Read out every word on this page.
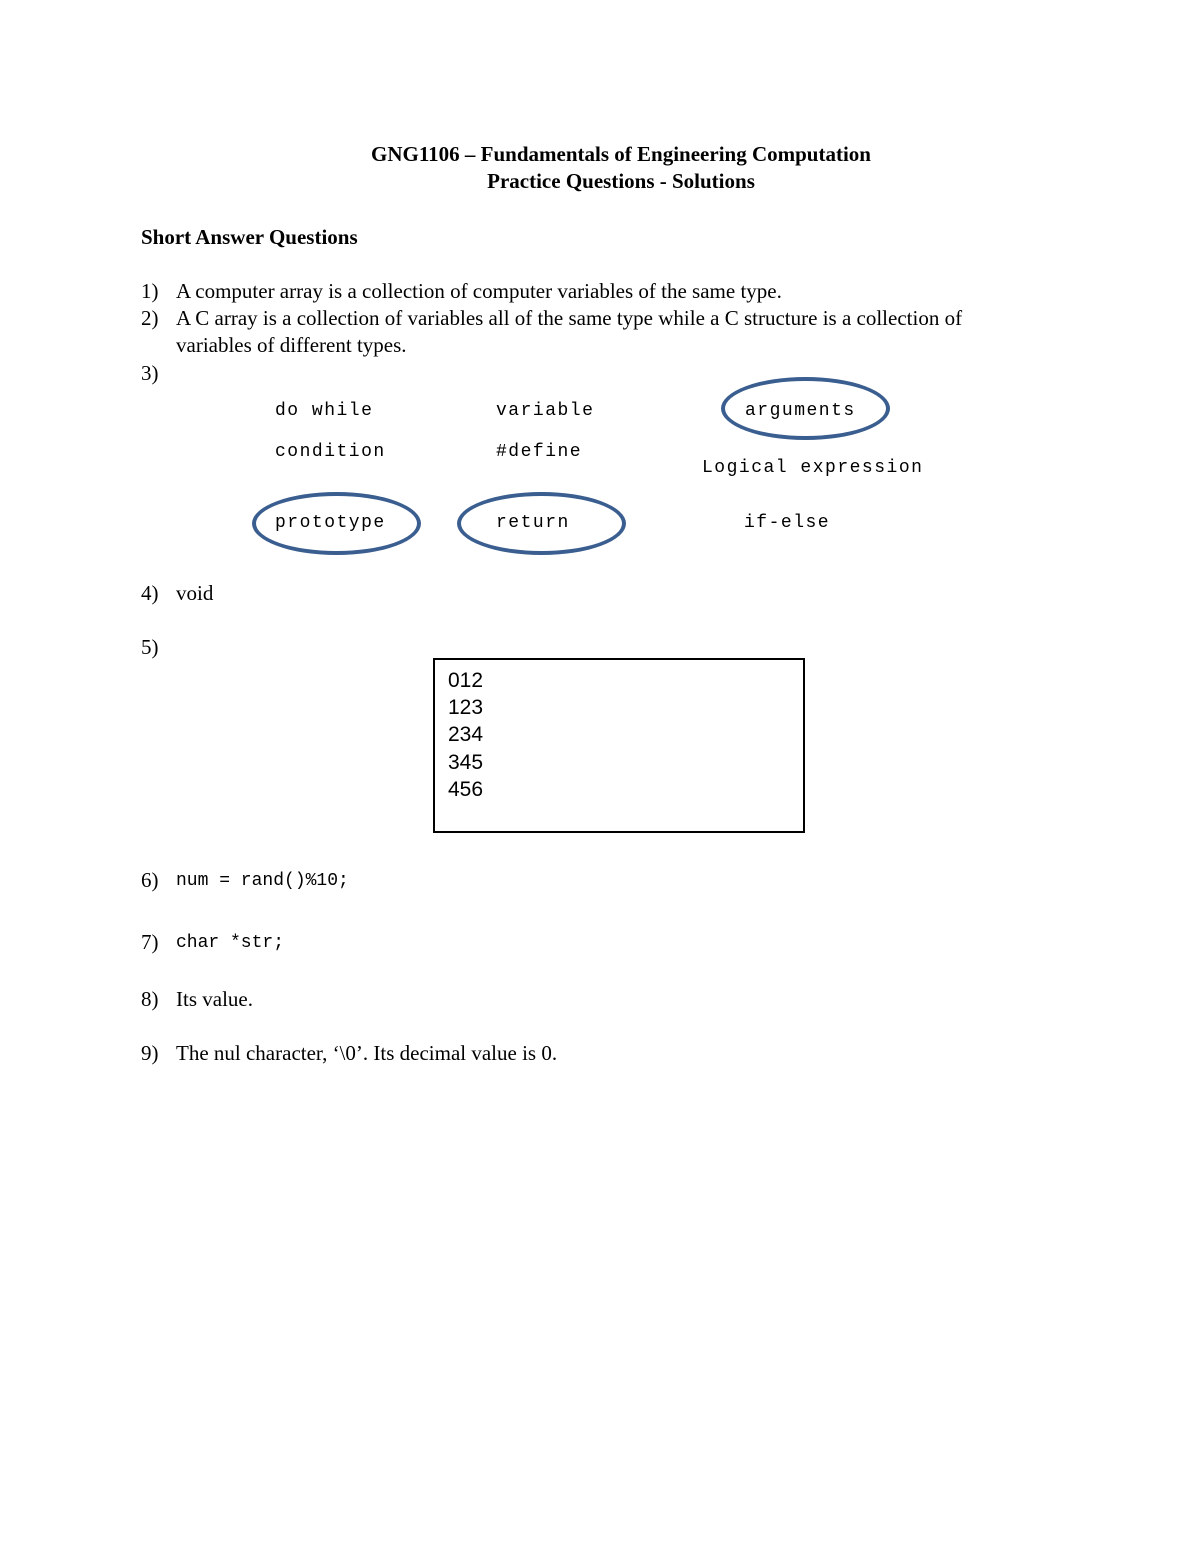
GNG1106 – Fundamentals of Engineering Computation
Practice Questions - Solutions
Short Answer Questions
1) A computer array is a collection of computer variables of the same type.
2) A C array is a collection of variables all of the same type while a C structure is a collection of
variables of different types.
3)
do while	variable	arguments
condition	#define
Logical expression
prototype	return	if-else
4) void
5)
012
123
234
345
456
6) num = rand()%10;
7) char *str;
8) Its value.
9) The nul character, ‘\0’. Its decimal value is 0.
